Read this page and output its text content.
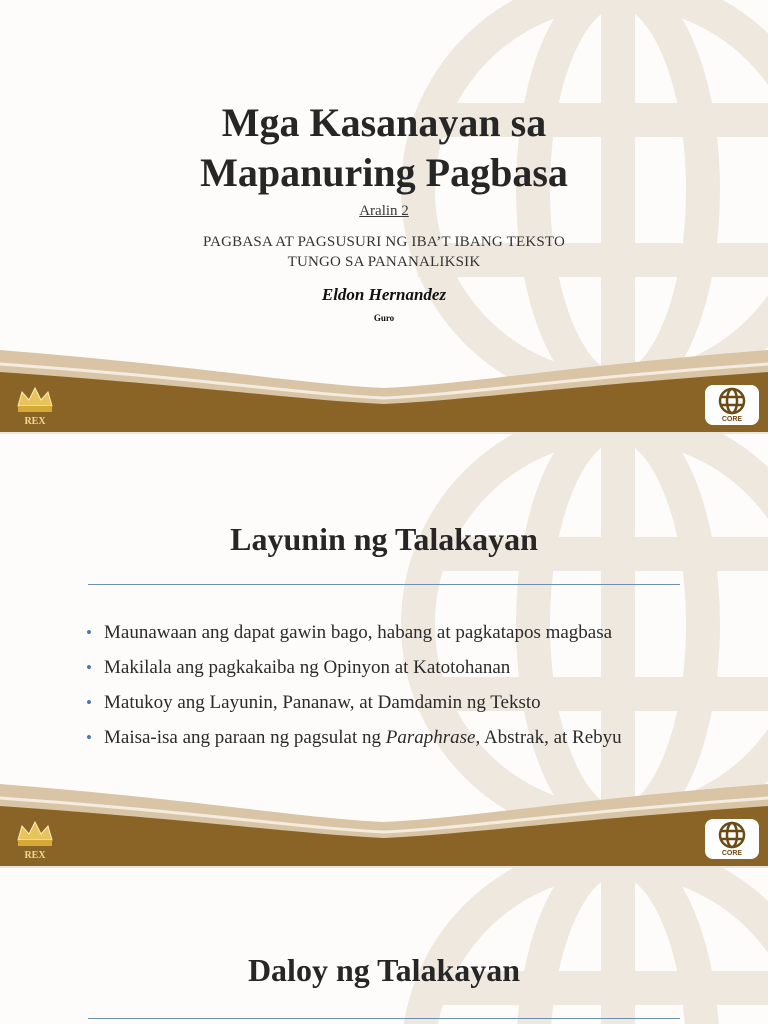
Mga Kasanayan sa
Mapanuring Pagbasa
Aralin 2
PAGBASA AT PAGSUSURI NG IBA’T IBANG TEKSTO
TUNGO SA PANANALIKSIK
Eldon Hernandez
Guro
REX	CORE
Layunin ng Talakayan
• Maunawaan ang dapat gawin bago, habang at pagkatapos magbasa
• Makilala ang pagkakaiba ng Opinyon at Katotohanan
• Matukoy ang Layunin, Pananaw, at Damdamin ng Teksto
• Maisa-isa ang paraan ng pagsulat ng Paraphrase, Abstrak, at Rebyu
REX	CORE
Daloy ng Talakayan
